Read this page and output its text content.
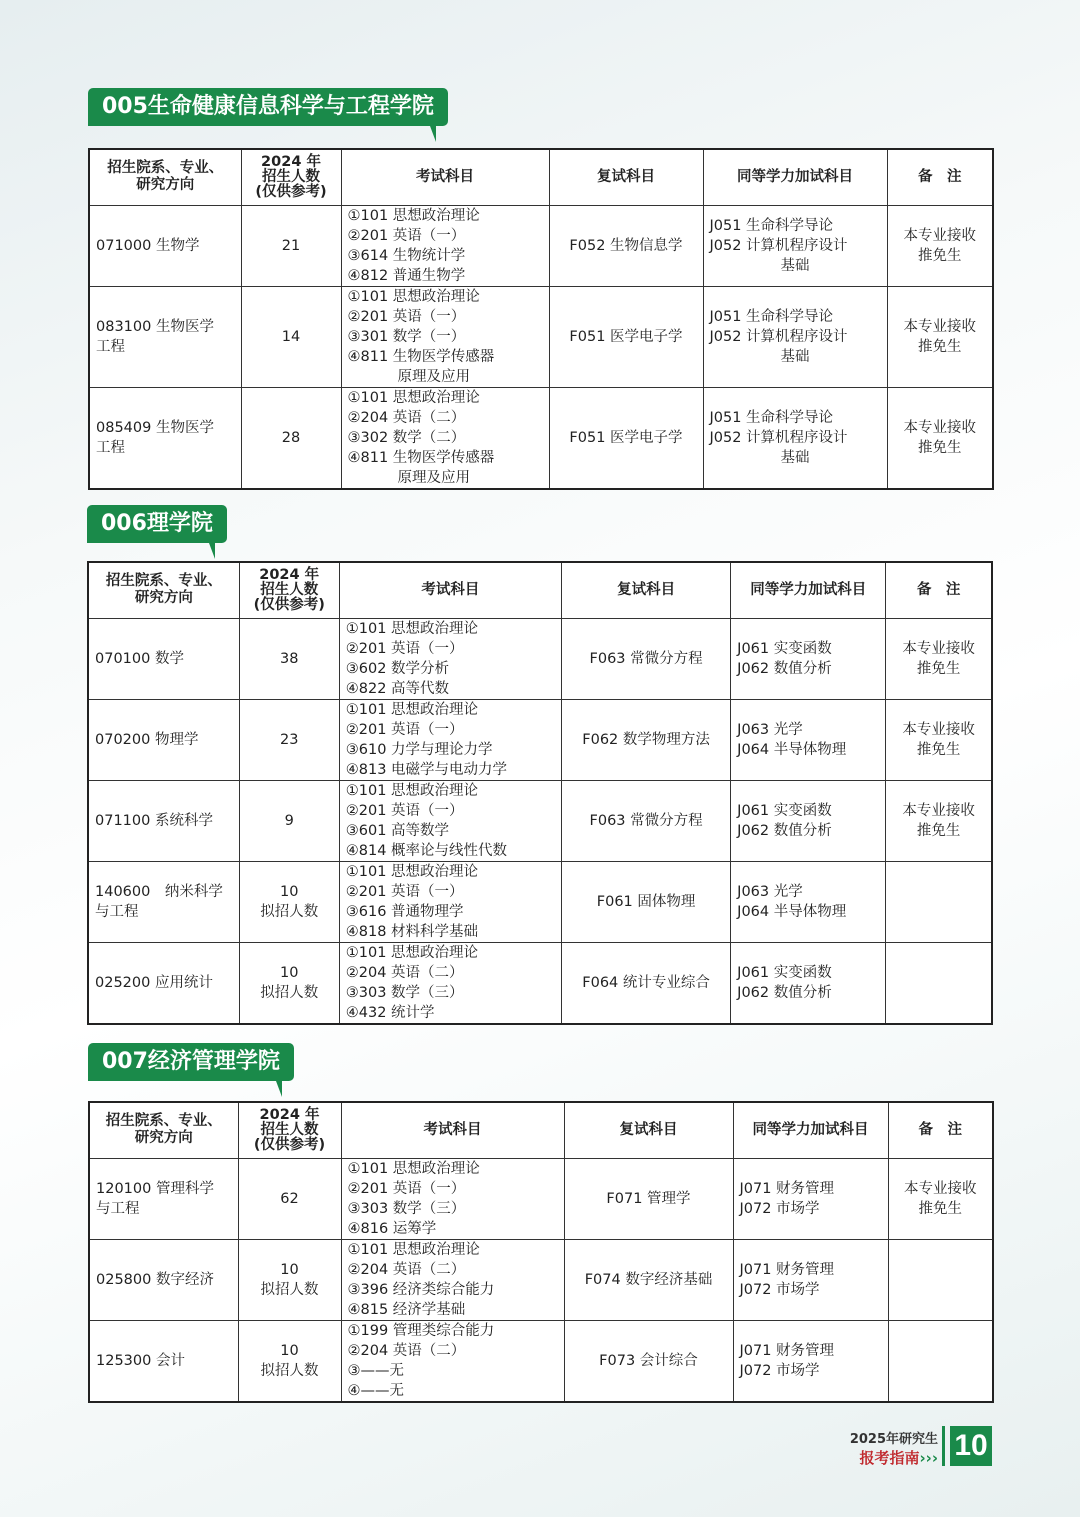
005生命健康信息科学与工程学院
招生院系、专业、
研究方向	2024 年
招生人数
(仅供参考)	考试科目	复试科目	同等学力加试科目	备　注

071000 生物学	21	①101 思想政治理论
②201 英语（一）
③614 生物统计学
④812 普通生物学	F052 生物信息学	J051 生命科学导论
J052 计算机程序设计
基础	本专业接收
推免生

083100 生物医学
工程	14	①101 思想政治理论
②201 英语（一）
③301 数学（一）
④811 生物医学传感器
原理及应用	F051 医学电子学	J051 生命科学导论
J052 计算机程序设计
基础	本专业接收
推免生

085409 生物医学
工程	28	①101 思想政治理论
②204 英语（二）
③302 数学（二）
④811 生物医学传感器
原理及应用	F051 医学电子学	J051 生命科学导论
J052 计算机程序设计
基础	本专业接收
推免生
006理学院
招生院系、专业、
研究方向	2024 年
招生人数
(仅供参考)	考试科目	复试科目	同等学力加试科目	备　注

070100 数学	38	①101 思想政治理论
②201 英语（一）
③602 数学分析
④822 高等代数	F063 常微分方程	J061 实变函数
J062 数值分析	本专业接收
推免生

070200 物理学	23	①101 思想政治理论
②201 英语（一）
③610 力学与理论力学
④813 电磁学与电动力学	F062 数学物理方法	J063 光学
J064 半导体物理	本专业接收
推免生

071100 系统科学	9	①101 思想政治理论
②201 英语（一）
③601 高等数学
④814 概率论与线性代数	F063 常微分方程	J061 实变函数
J062 数值分析	本专业接收
推免生

140600　纳米科学
与工程	10
拟招人数	①101 思想政治理论
②201 英语（一）
③616 普通物理学
④818 材料科学基础	F061 固体物理	J063 光学
J064 半导体物理	

025200 应用统计	10
拟招人数	①101 思想政治理论
②204 英语（二）
③303 数学（三）
④432 统计学	F064 统计专业综合	J061 实变函数
J062 数值分析	

007经济管理学院
招生院系、专业、
研究方向	2024 年
招生人数
(仅供参考)	考试科目	复试科目	同等学力加试科目	备　注

120100 管理科学
与工程	62	①101 思想政治理论
②201 英语（一）
③303 数学（三）
④816 运筹学	F071 管理学	J071 财务管理
J072 市场学	本专业接收
推免生

025800 数字经济	10
拟招人数	①101 思想政治理论
②204 英语（二）
③396 经济类综合能力
④815 经济学基础	F074 数字经济基础	J071 财务管理
J072 市场学	

125300 会计	10
拟招人数	①199 管理类综合能力
②204 英语（二）
③——无
④——无	F073 会计综合	J071 财务管理
J072 市场学	

2025年研究生
报考指南››› 10
